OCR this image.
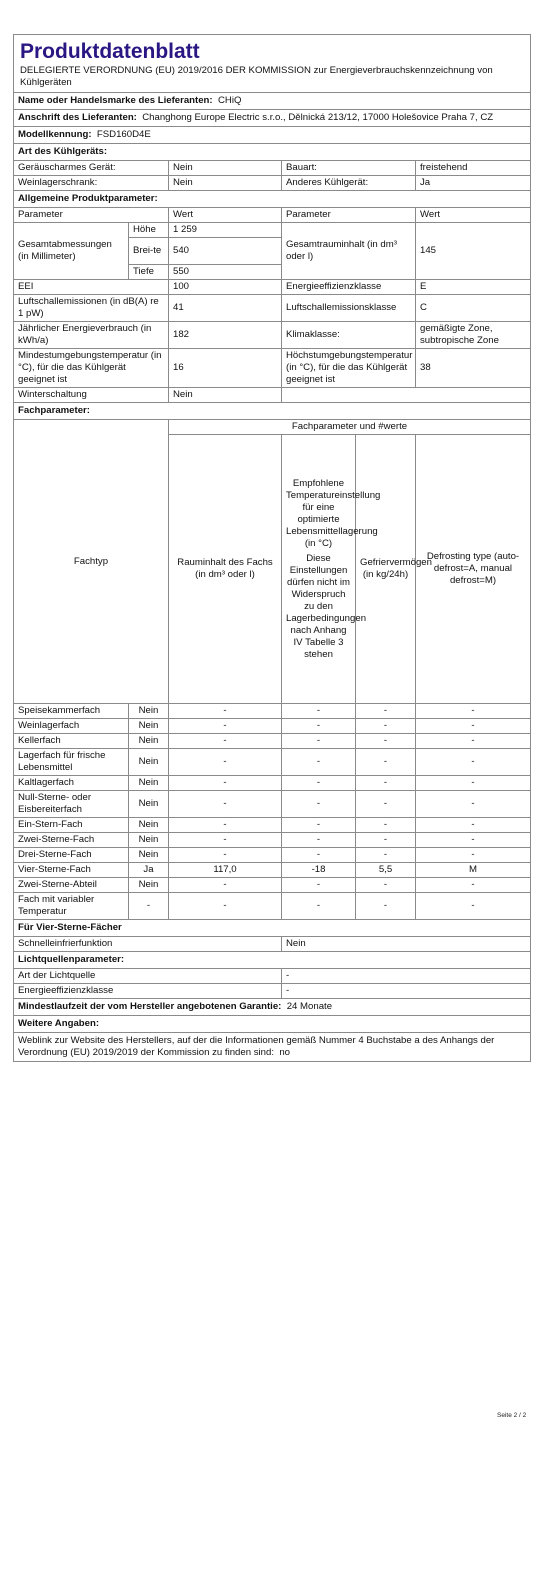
Produktdatenblatt
DELEGIERTE VERORDNUNG (EU) 2019/2016 DER KOMMISSION zur Energieverbrauchskennzeichnung von Kühlgeräten					

Name oder Handelsmarke des Lieferanten: CHiQ					
Anschrift des Lieferanten: Changhong Europe Electric s.r.o., Dělnická 213/12, 17000 Holešovice Praha 7, CZ					
Modellkennung: FSD160D4E					
Art des Kühlgeräts:					
Geräuscharmes Gerät:		Nein	Bauart:		freistehend
Weinlagerschrank:		Nein	Anderes Kühlgerät:		Ja
Allgemeine Produktparameter:					
Parameter		Wert	Parameter		Wert
Gesamtabmessungen (in Millimeter)	Höhe	1 259	Gesamtrauminhalt (in dm³ oder l)		145
	Brei-te	540			
	Tiefe	550			
EEI		100	Energieeffizienzklasse		E
Luftschallemissionen (in dB(A) re 1 pW)		41	Luftschallemissionsklasse		C
Jährlicher Energieverbrauch (in kWh/a)		182	Klimaklasse:		gemäßigte Zone, subtropische Zone
Mindestumgebungstemperatur (in °C), für die das Kühlgerät geeignet ist		16	Höchstumgebungstemperatur (in °C), für die das Kühlgerät geeignet ist		38
Winterschaltung		Nein			
Fachparameter:					
Fachtyp		Fachparameter und #werte			
		Rauminhalt des Fachs (in dm³ oder l)	Empfohlene Temperatureinstellung für eine optimierte Lebensmittellagerung (in °C)
Diese Einstellungen dürfen nicht im Widerspruch zu den Lagerbedingungen nach Anhang IV Tabelle 3 stehen	Gefriervermögen (in kg/24h)	Defrosting type (auto-defrost=A, manual defrost=M)
Speisekammerfach	Nein	-	-	-	-
Weinlagerfach	Nein	-	-	-	-
Kellerfach	Nein	-	-	-	-
Lagerfach für frische Lebensmittel	Nein	-	-	-	-
Kaltlagerfach	Nein	-	-	-	-
Null-Sterne- oder Eisbereiterfach	Nein	-	-	-	-
Ein-Stern-Fach	Nein	-	-	-	-
Zwei-Sterne-Fach	Nein	-	-	-	-
Drei-Sterne-Fach	Nein	-	-	-	-
Vier-Sterne-Fach	Ja	117,0	-18	5,5	M
Zwei-Sterne-Abteil	Nein	-	-	-	-
Fach mit variabler Temperatur	-	-	-	-	-
Für Vier-Sterne-Fächer					
Schnelleinfrierfunktion			Nein		
Lichtquellenparameter:					
Art der Lichtquelle			-		
Energieeffizienzklasse			-		
Mindestlaufzeit der vom Hersteller angebotenen Garantie: 24 Monate					
Weitere Angaben:					
Weblink zur Website des Herstellers, auf der die Informationen gemäß Nummer 4 Buchstabe a des Anhangs der Verordnung (EU) 2019/2019 der Kommission zu finden sind: no					
Seite 2 / 2
